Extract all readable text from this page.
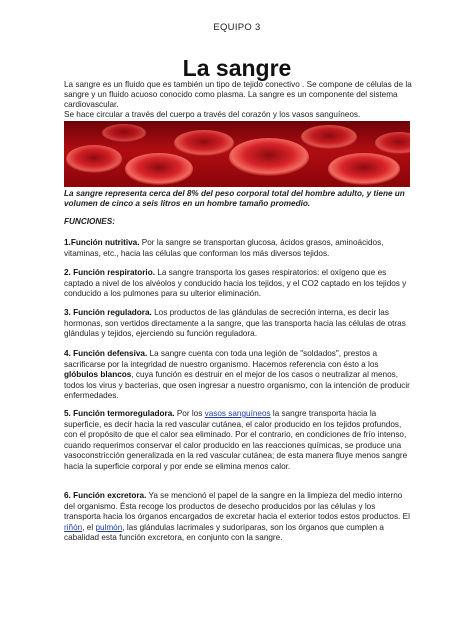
EQUIPO 3
La sangre

La sangre es un fluido que es también un tipo de tejido conectivo . Se compone de células de la sangre y un fluido acuoso conocido como plasma. La sangre es un componente del sistema cardiovascular.

Se hace circular a través del cuerpo a través del corazón y los vasos sanguíneos.

La sangre representa cerca del 8% del peso corporal total del hombre adulto, y tiene un volumen de cinco a seis litros en un hombre tamaño promedio.
FUNCIONES:

1.Función nutritiva. Por la sangre se transportan glucosa, ácidos grasos, aminoácidos, vitaminas, etc., hacia las células que conforman los más diversos tejidos.

2. Función respiratorio. La sangre transporta los gases respiratorios: el oxígeno que es captado a nivel de los alvéolos y conducido hacia los tejidos, y el CO2 captado en los tejidos y conducido a los pulmones para su ulterior eliminación.

3. Función reguladora. Los productos de las glándulas de secreción interna, es decir las hormonas, son vertidos directamente a la sangre, que las transporta hacia las células de otras glándulas y tejidos, ejerciendo su función reguladora.

4. Función defensiva. La sangre cuenta con toda una legión de "soldados", prestos a sacrificarse por la integridad de nuestro organismo. Hacemos referencia con ésto a los glóbulos blancos, cuya función es destruir en el mejor de los casos o neutralizar al menos, todos los virus y bacterias, que osen ingresar a nuestro organismo, con la intención de producir enfermedades.

5. Función termoreguladora. Por los vasos sanguíneos la sangre transporta hacia la superficie, es decir hacia la red vascular cutánea, el calor producido en los tejidos profundos, con el propósito de que el calor sea eliminado. Por el contrario, en condiciones de frío intenso, cuando requerimos conservar el calor producido en las reacciones químicas, se produce una vasoconstricción generalizada en la red vascular cutánea; de esta manera fluye menos sangre hacia la superficie corporal y por ende se elimina menos calor.

6. Función excretora. Ya se mencionó el papel de la sangre en la limpieza del medio interno del organismo. Ésta recoge los productos de desecho producidos por las células y los transporta hacia los órganos encargados de excretar hacia el exterior todos estos productos. El riñón, el pulmón, las glándulas lacrimales y sudoríparas, son los órganos que cumplen a cabalidad esta función excretora, en conjunto con la sangre.
